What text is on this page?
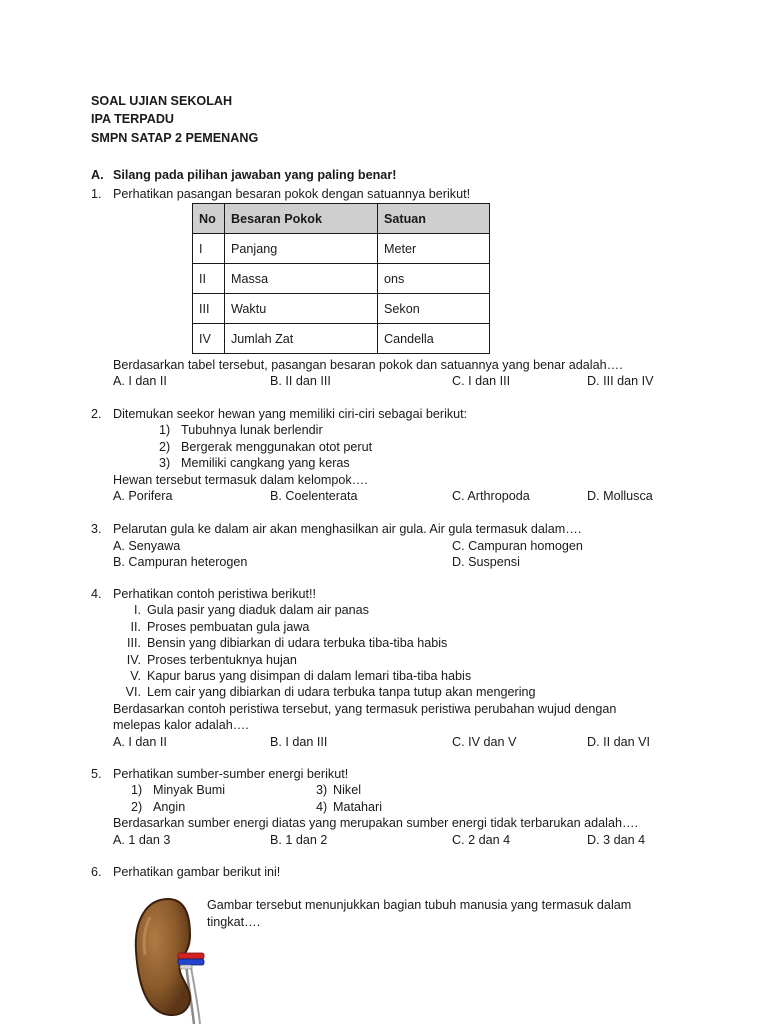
SOAL UJIAN SEKOLAH
IPA TERPADU
SMPN SATAP 2 PEMENANG
A. Silang pada pilihan jawaban yang paling benar!
1. Perhatikan pasangan besaran pokok dengan satuannya berikut!
No	Besaran Pokok	Satuan
I	Panjang	Meter
II	Massa	ons
III	Waktu	Sekon
IV	Jumlah Zat	Candella
Berdasarkan tabel tersebut, pasangan besaran pokok dan satuannya yang benar adalah….
A. I dan II	B. II dan III	C. I dan III	D. III dan IV
2. Ditemukan seekor hewan yang memiliki ciri-ciri sebagai berikut:
1) Tubuhnya lunak berlendir
2) Bergerak menggunakan otot perut
3) Memiliki cangkang yang keras
Hewan tersebut termasuk dalam kelompok….
A. Porifera	B. Coelenterata	C. Arthropoda	D. Mollusca
3. Pelarutan gula ke dalam air akan menghasilkan air gula. Air gula termasuk dalam….
A. Senyawa	C. Campuran homogen
B. Campuran heterogen	D. Suspensi
4. Perhatikan contoh peristiwa berikut!!
I. Gula pasir yang diaduk dalam air panas
II. Proses pembuatan gula jawa
III. Bensin yang dibiarkan di udara terbuka tiba-tiba habis
IV. Proses terbentuknya hujan
V. Kapur barus yang disimpan di dalam lemari tiba-tiba habis
VI. Lem cair yang dibiarkan di udara terbuka tanpa tutup akan mengering
Berdasarkan contoh peristiwa tersebut, yang termasuk peristiwa perubahan wujud dengan
melepas kalor adalah….
A. I dan II	B. I dan III	C. IV dan V	D. II dan VI
5. Perhatikan sumber-sumber energi berikut!
1) Minyak Bumi	3) Nikel
2) Angin	4) Matahari
Berdasarkan sumber energi diatas yang merupakan sumber energi tidak terbarukan adalah….
A. 1 dan 3	B. 1 dan 2	C. 2 dan 4	D. 3 dan 4
6. Perhatikan gambar berikut ini!
Gambar tersebut menunjukkan bagian tubuh manusia yang termasuk dalam
tingkat….
